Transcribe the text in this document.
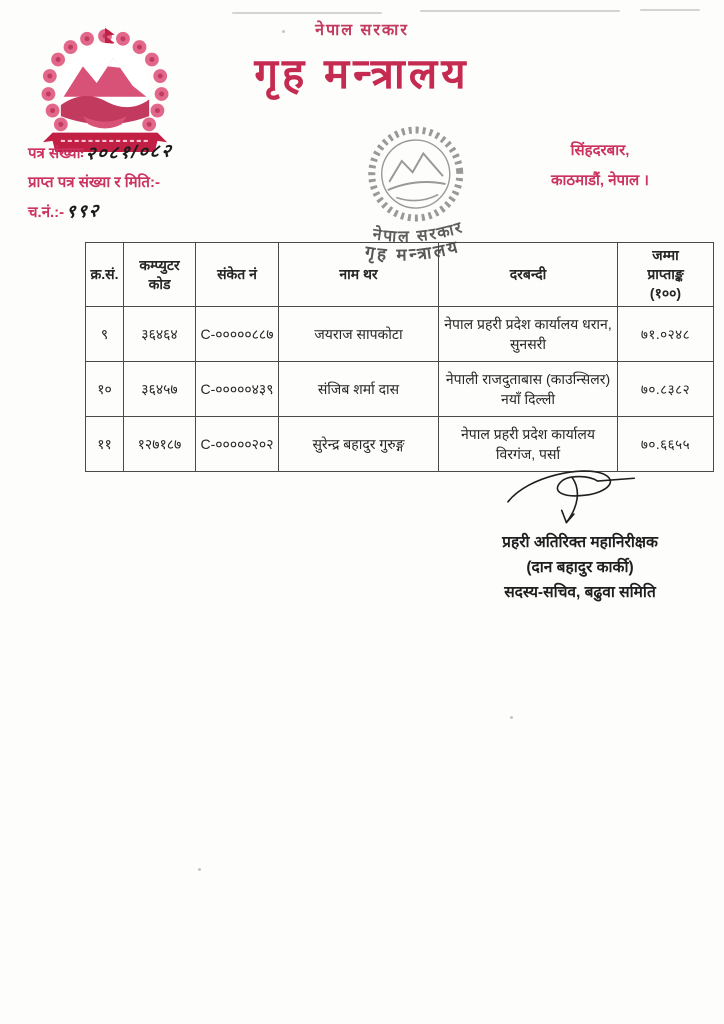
नेपाल सरकार
गृह मन्त्रालय
पत्र संख्याः२०८१/०८२
प्राप्त पत्र संख्या र मिति:-
च.नं.:-९९२
सिंहदरबार,
काठमाडौं, नेपाल ।
नेपाल सरकार
गृह मन्त्रालय
क्र.सं.	कम्प्युटर कोड	संकेत नं	नाम थर	दरबन्दी	जम्मा
प्राप्ताङ्क
(१००)

९	३६४६४	C-०००००८८७	जयराज सापकोटा	नेपाल प्रहरी प्रदेश कार्यालय धरान, सुनसरी	७१.०२४८
१०	३६४५७	C-०००००४३९	संजिब शर्मा दास	नेपाली राजदुताबास (काउन्सिलर) नयाँ दिल्ली	७०.८३८२
११	१२७१८७	C-०००००२०२	सुरेन्द्र बहादुर गुरुङ्ग	नेपाल प्रहरी प्रदेश कार्यालय विरगंज, पर्सा	७०.६६५५
प्रहरी अतिरिक्त महानिरीक्षक
(दान बहादुर कार्की)
सदस्य-सचिव, बढुवा समिति
